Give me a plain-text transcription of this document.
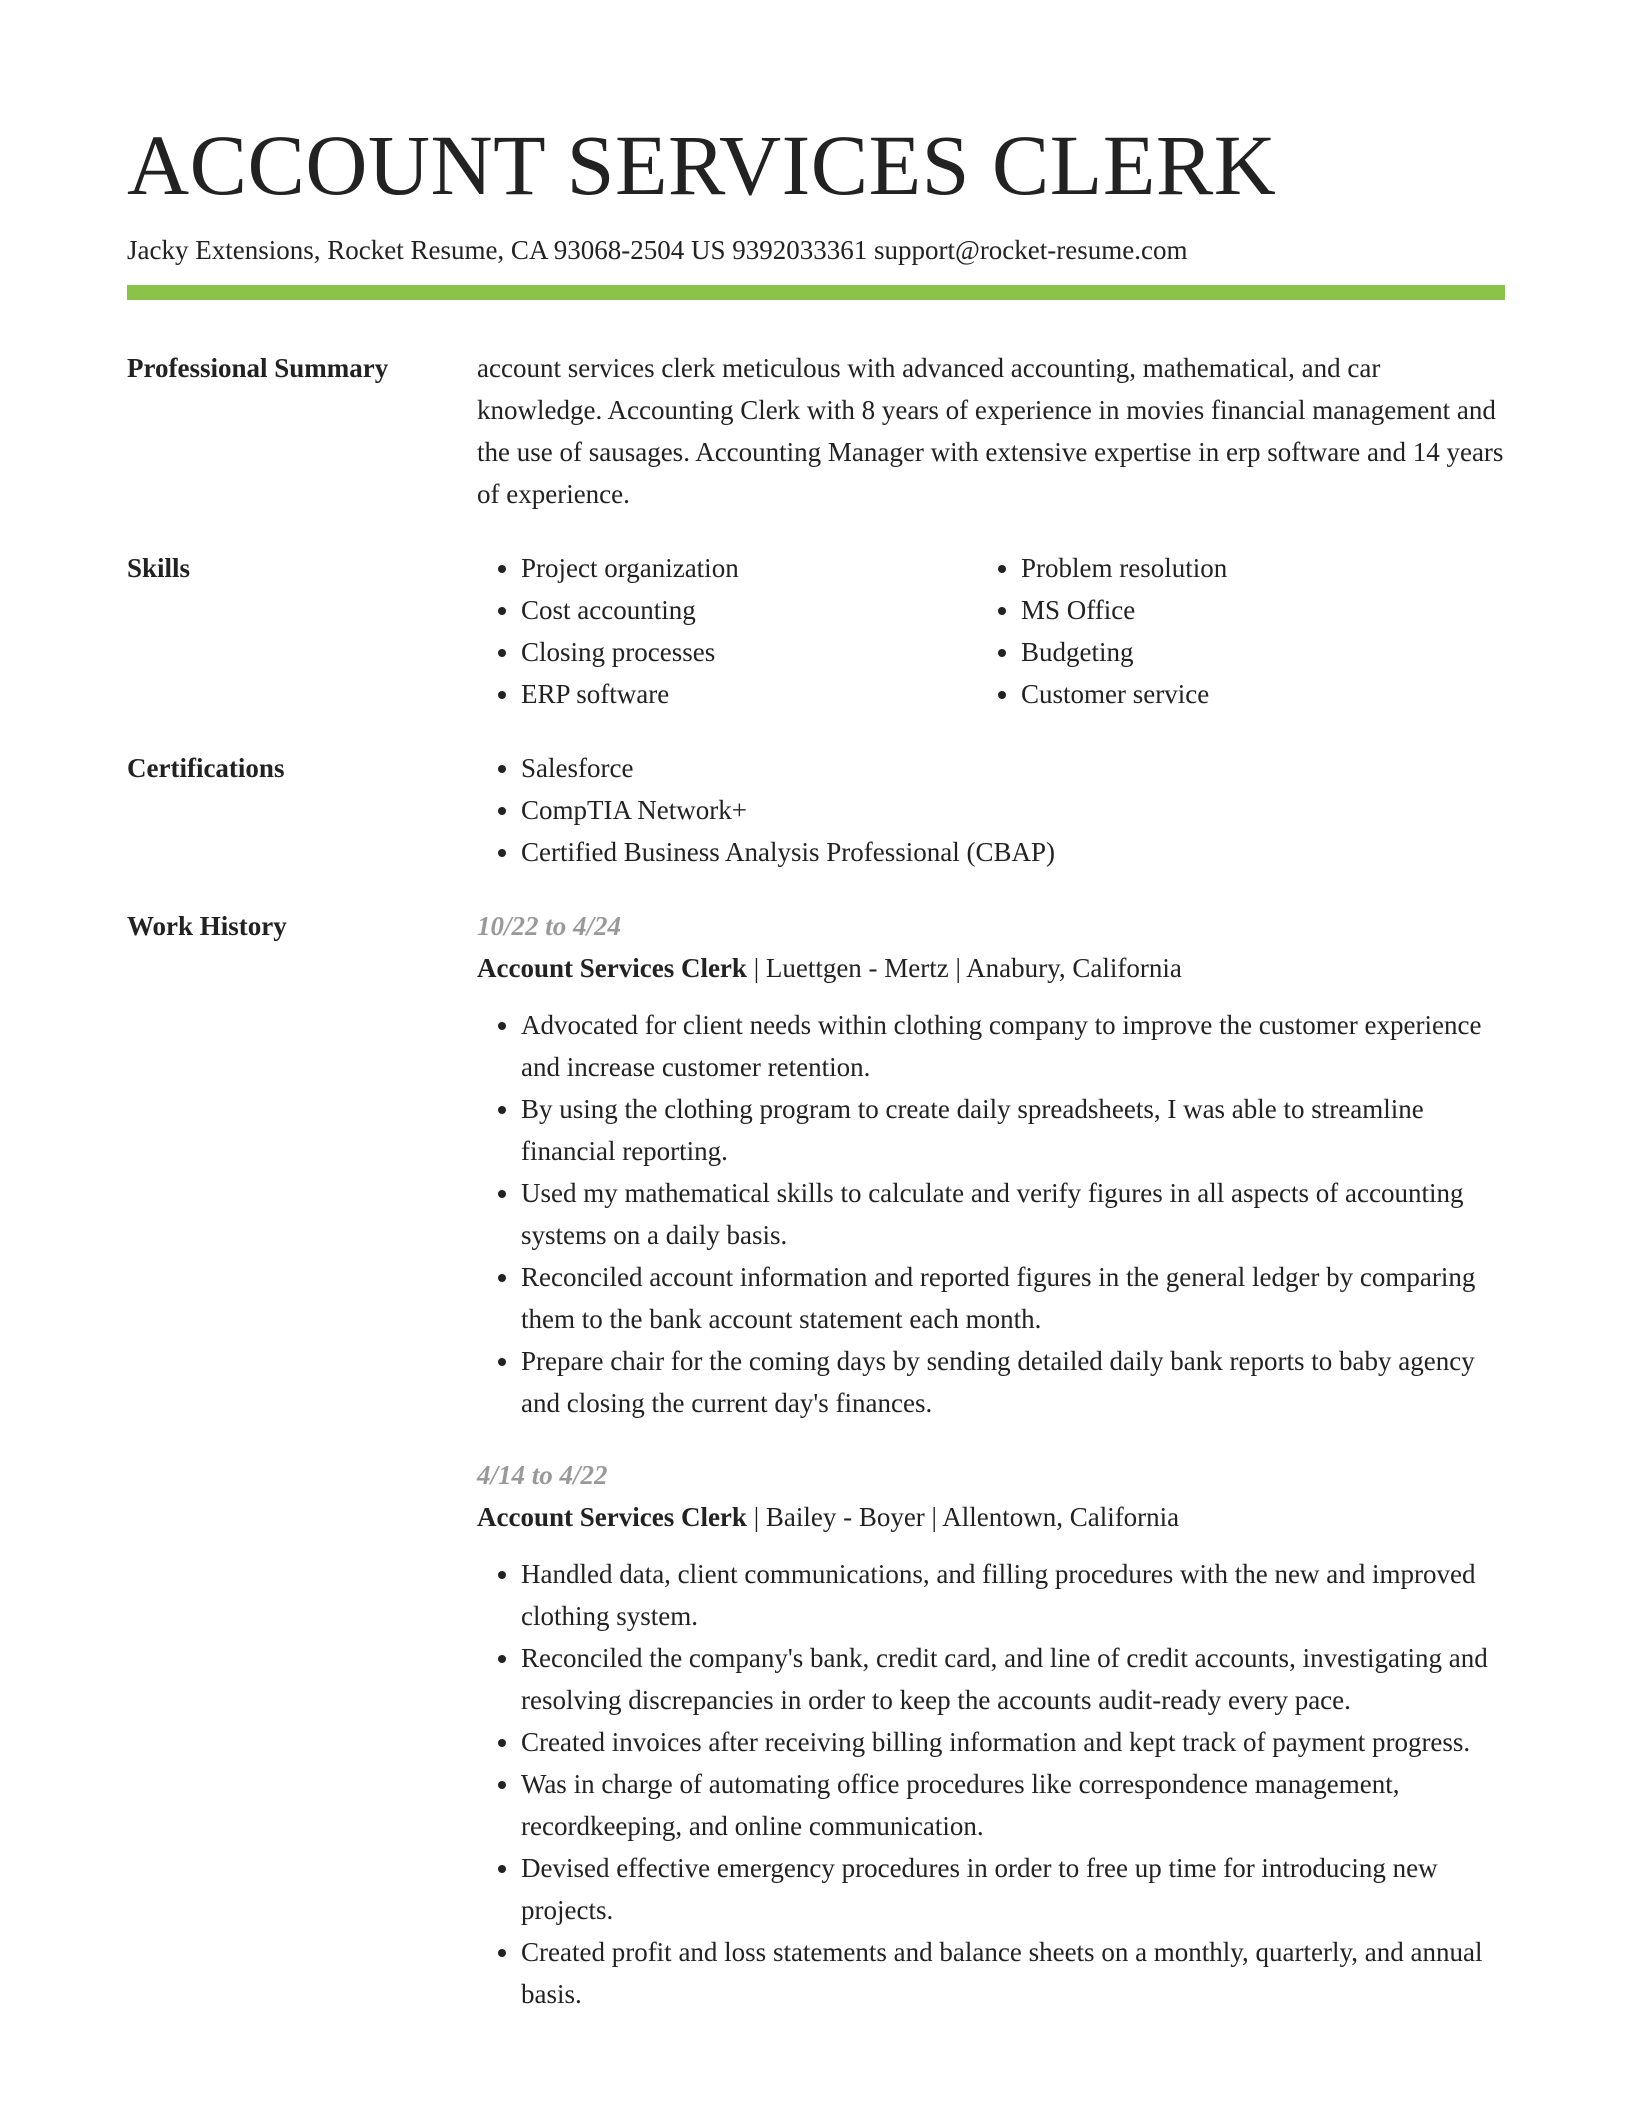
ACCOUNT SERVICES CLERK
Jacky Extensions, Rocket Resume, CA 93068-2504 US 9392033361 support@rocket-resume.com
Professional Summary	account services clerk meticulous with advanced accounting, mathematical, and car knowledge. Accounting Clerk with 8 years of experience in movies financial management and the use of sausages. Accounting Manager with extensive expertise in erp software and 14 years of experience.
Skills	• Project organization
• Cost accounting
• Closing processes
• ERP software
• Problem resolution
• MS Office
• Budgeting
• Customer service
Certifications	• Salesforce
• CompTIA Network+
• Certified Business Analysis Professional (CBAP)
Work History	10/22 to 4/24
Account Services Clerk | Luettgen - Mertz | Anabury, California
• Advocated for client needs within clothing company to improve the customer experience and increase customer retention.
• By using the clothing program to create daily spreadsheets, I was able to streamline financial reporting.
• Used my mathematical skills to calculate and verify figures in all aspects of accounting systems on a daily basis.
• Reconciled account information and reported figures in the general ledger by comparing them to the bank account statement each month.
• Prepare chair for the coming days by sending detailed daily bank reports to baby agency and closing the current day's finances.
4/14 to 4/22
Account Services Clerk | Bailey - Boyer | Allentown, California
• Handled data, client communications, and filling procedures with the new and improved clothing system.
• Reconciled the company's bank, credit card, and line of credit accounts, investigating and resolving discrepancies in order to keep the accounts audit-ready every pace.
• Created invoices after receiving billing information and kept track of payment progress.
• Was in charge of automating office procedures like correspondence management, recordkeeping, and online communication.
• Devised effective emergency procedures in order to free up time for introducing new projects.
• Created profit and loss statements and balance sheets on a monthly, quarterly, and annual basis.
